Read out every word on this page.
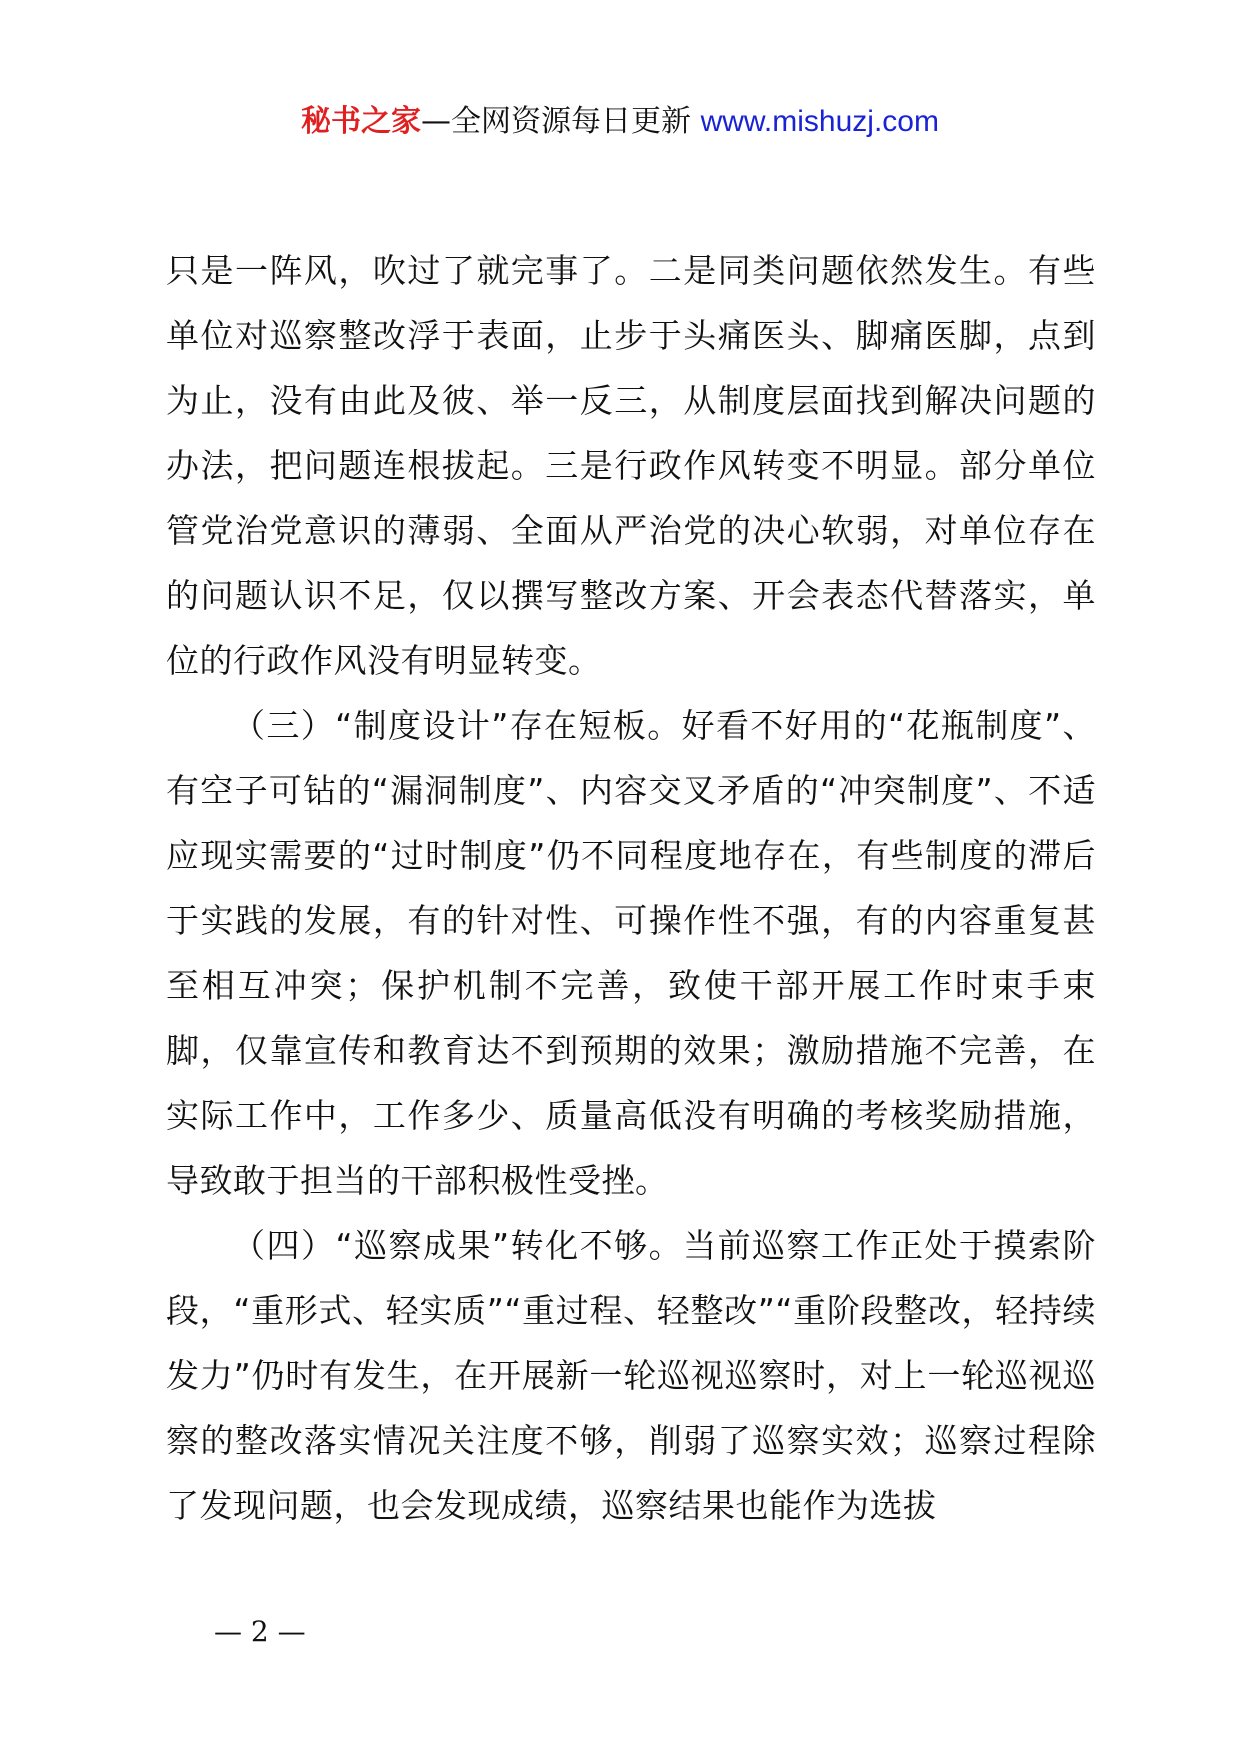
秘书之家—全网资源每日更新 www.mishuzj.com

只是一阵风，吹过了就完事了。二是同类问题依然发生。有些单位对巡察整改浮于表面，止步于头痛医头、脚痛医脚，点到为止，没有由此及彼、举一反三，从制度层面找到解决问题的办法，把问题连根拔起。三是行政作风转变不明显。部分单位管党治党意识的薄弱、全面从严治党的决心软弱，对单位存在的问题认识不足，仅以撰写整改方案、开会表态代替落实，单位的行政作风没有明显转变。

（三）“制度设计”存在短板。好看不好用的“花瓶制度”、有空子可钻的“漏洞制度”、内容交叉矛盾的“冲突制度”、不适应现实需要的“过时制度”仍不同程度地存在，有些制度的滞后于实践的发展，有的针对性、可操作性不强，有的内容重复甚至相互冲突；保护机制不完善，致使干部开展工作时束手束脚，仅靠宣传和教育达不到预期的效果；激励措施不完善，在实际工作中，工作多少、质量高低没有明确的考核奖励措施，导致敢于担当的干部积极性受挫。

（四）“巡察成果”转化不够。当前巡察工作正处于摸索阶段，“重形式、轻实质”“重过程、轻整改”“重阶段整改，轻持续发力”仍时有发生，在开展新一轮巡视巡察时，对上一轮巡视巡察的整改落实情况关注度不够，削弱了巡察实效；巡察过程除了发现问题，也会发现成绩，巡察结果也能作为选拔

— 2 —
